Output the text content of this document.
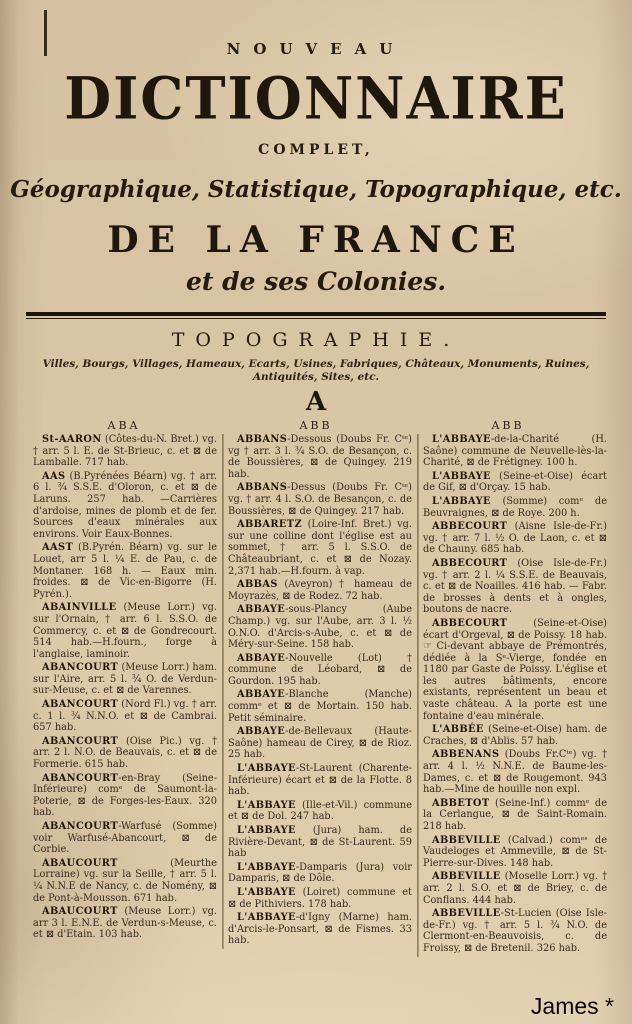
NOUVEAU
DICTIONNAIRE
COMPLET,
Géographique, Statistique, Topographique, etc.
DE LA FRANCE
et de ses Colonies.
TOPOGRAPHIE.
Villes, Bourgs, Villages, Hameaux, Ecarts, Usines, Fabriques, Châteaux, Monuments, Ruines, Antiquités, Sites, etc.
A
ABA	ABB	ABB

St-AARON (Côtes-du-N. Bret.) vg. † arr. 5 l. E. de St-Brieuc, c. et ⊠ de Lamballe. 717 hab.

AAS (B.Pyrénées Béarn) vg. † arr. 6 l. ¾ S.S.E. d'Oloron, c. et ⊠ de Laruns. 257 hab. —Carrières d'ardoise, mines de plomb et de fer. Sources d'eaux minérales aux environs. Voir Eaux-Bonnes.

AAST (B.Pyrén. Béarn) vg. sur le Louet, arr 5 l. ¼ E. de Pau, c. de Montaner. 168 h. — Eaux min. froides. ⊠ de Vic-en-Bigorre (H. Pyrén.).

ABAINVILLE (Meuse Lorr.) vg. sur l'Ornain, † arr. 6 l. S.S.O. de Commercy, c. et ⊠ de Gondrecourt. 514 hab.—H.fourn., forge à l'anglaise, laminoir.

ABANCOURT (Meuse Lorr.) ham. sur l'Aire, arr. 5 l. ¾ O. de Verdun-sur-Meuse, c. et ⊠ de Varennes.

ABANCOURT (Nord Fl.) vg. † arr. c. 1 l. ¾ N.N.O. et ⊠ de Cambrai. 657 hab.

ABANCOURT (Oise Pic.) vg. † arr. 2 l. N.O. de Beauvais, c. et ⊠ de Formerie. 615 hab.

ABANCOURT-en-Bray (Seine-Inférieure) comᵉ de Saumont-la-Poterie, ⊠ de Forges-les-Eaux. 320 hab.

ABANCOURT-Warfusé (Somme) voir Warfusé-Abancourt, ⊠ de Corbie.

ABAUCOURT (Meurthe Lorraine) vg. sur la Seille, † arr. 5 l. ¼ N.N.E de Nancy, c. de Nomény, ⊠ de Pont-à-Mousson. 671 hab.

ABAUCOURT (Meuse Lorr.) vg. arr 3 l. E.N.E. de Verdun-s-Meuse, c. et ⊠ d'Etain. 103 hab.

ABBANS-Dessous (Doubs Fr. Cᵗᵉ) vg † arr. 3 l. ¾ S.O. de Besançon, c. de Boussières, ⊠ de Quingey. 219 hab.

ABBANS-Dessus (Doubs Fr. Cᵗᵉ) vg. † arr. 4 l. S.O. de Besançon, c. de Boussières, ⊠ de Quingey. 217 hab.

ABBARETZ (Loire-Inf. Bret.) vg. sur une colline dont l'église est au sommet, † arr. 5 l. S.S.O. de Châteaubriant, c. et ⊠ de Nozay. 2,371 hab.—H.fourn. à vap.

ABBAS (Aveyron) † hameau de Moyrazès, ⊠ de Rodez. 72 hab.

ABBAYE-sous-Plancy (Aube Champ.) vg. sur l'Aube, arr. 3 l. ½ O.N.O. d'Arcis-s-Aube, c. et ⊠ de Méry-sur-Seine. 158 hab.

ABBAYE-Nouvelle (Lot) † commune de Léobard, ⊠ de Gourdon. 195 hab.

ABBAYE-Blanche (Manche) commᵉ et ⊠ de Mortain. 150 hab. Petit séminaire.

ABBAYE-de-Bellevaux (Haute-Saône) hameau de Cirey, ⊠ de Rioz. 25 hab.

L'ABBAYE-St-Laurent (Charente-Inférieure) écart et ⊠ de la Flotte. 8 hab.

L'ABBAYE (Ille-et-Vil.) commune et ⊠ de Dol. 247 hab.

L'ABBAYE (Jura) ham. de Rivière-Devant, ⊠ de St-Laurent. 59 hab

L'ABBAYE-Damparis (Jura) voir Damparis, ⊠ de Dôle.

L'ABBAYE (Loiret) commune et ⊠ de Pithiviers. 178 hab.

L'ABBAYE-d'Igny (Marne) ham. d'Arcis-le-Ponsart, ⊠ de Fismes. 33 hab.

L'ABBAYE-de-la-Charité (H. Saône) commune de Neuvelle-lès-la-Charité, ⊠ de Frétigney. 100 h.

L'ABBAYE (Seine-et-Oise) écart de Gif, ⊠ d'Orçay. 15 hab.

L'ABBAYE (Somme) comᵉ de Beuvraignes, ⊠ de Roye. 200 h.

ABBECOURT (Aisne Isle-de-Fr.) vg. † arr. 7 l. ½ O. de Laon, c. et ⊠ de Chauny. 685 hab.

ABBECOURT (Oise Isle-de-Fr.) vg. † arr. 2 l. ¼ S.S.E. de Beauvais, c. et ⊠ de Noailles. 416 hab. — Fabr. de brosses à dents et à ongles, boutons de nacre.

ABBECOURT (Seine-et-Oise) écart d'Orgeval, ⊠ de Poissy. 18 hab. ☞ Ci-devant abbaye de Prémontrés, dédiée à la Sᵉ-Vierge, fondée en 1180 par Gaste de Poissy. L'église et les autres bâtiments, encore existants, représentent un beau et vaste château. A la porte est une fontaine d'eau minérale.

L'ABBÉE (Seine-et-Oise) ham. de Craches, ⊠ d'Ablis. 57 hab.

ABBENANS (Doubs Fr.Cᵗᵉ) vg. † arr. 4 l. ½ N.N.E. de Baume-les-Dames, c. et ⊠ de Rougemont. 943 hab.—Mine de houille non expl.

ABBETOT (Seine-Inf.) commᵉ de la Cerlangue, ⊠ de Saint-Romain. 218 hab.

ABBEVILLE (Calvad.) comᵉˢ de Vaudeloges et Ammeville, ⊠ de St-Pierre-sur-Dives. 148 hab.

ABBEVILLE (Moselle Lorr.) vg. † arr. 2 l. S.O. et ⊠ de Briey, c. de Conflans. 444 hab.

ABBEVILLE-St-Lucien (Oise Isle-de-Fr.) vg. † arr. 5 l. ¾ N.O. de Clermont-en-Beauvoisis, c. de Froissy, ⊠ de Bretenil. 326 hab.

James *
